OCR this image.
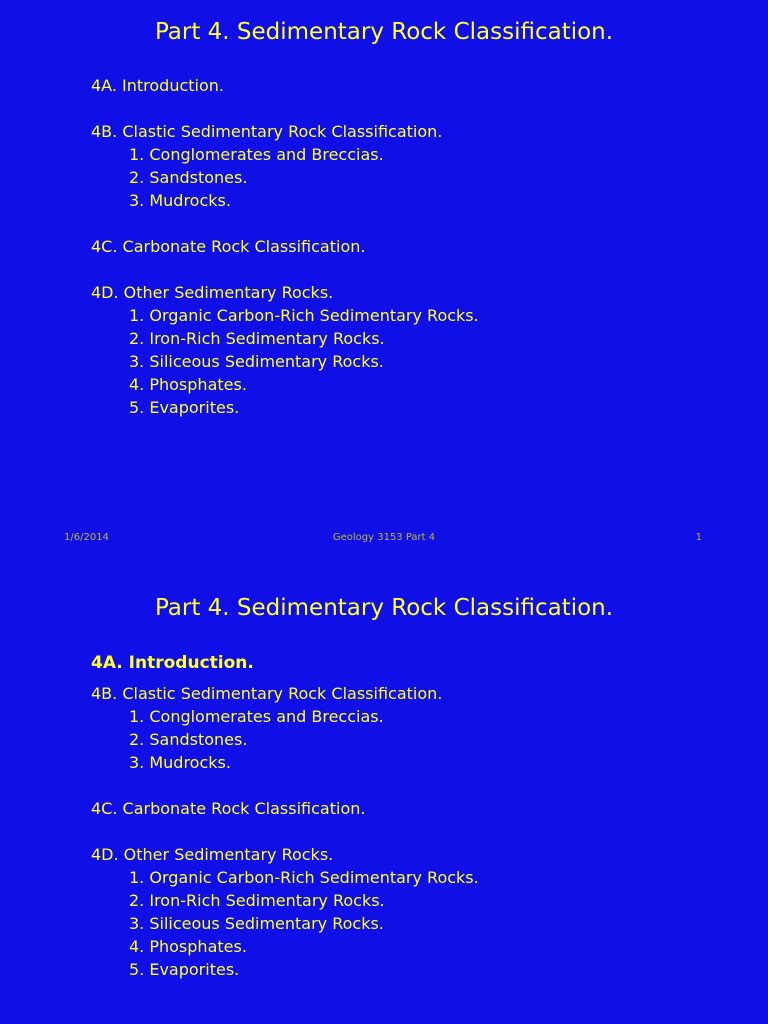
Part 4. Sedimentary Rock Classification.
4A. Introduction.
4B. Clastic Sedimentary Rock Classification.
1. Conglomerates and Breccias.
2. Sandstones.
3. Mudrocks.
4C. Carbonate Rock Classification.
4D. Other Sedimentary Rocks.
1. Organic Carbon-Rich Sedimentary Rocks.
2. Iron-Rich Sedimentary Rocks.
3. Siliceous Sedimentary Rocks.
4. Phosphates.
5. Evaporites.
1/6/2014	Geology 3153 Part 4	1
Part 4. Sedimentary Rock Classification.
4A. Introduction.
4B. Clastic Sedimentary Rock Classification.
1. Conglomerates and Breccias.
2. Sandstones.
3. Mudrocks.
4C. Carbonate Rock Classification.
4D. Other Sedimentary Rocks.
1. Organic Carbon-Rich Sedimentary Rocks.
2. Iron-Rich Sedimentary Rocks.
3. Siliceous Sedimentary Rocks.
4. Phosphates.
5. Evaporites.
